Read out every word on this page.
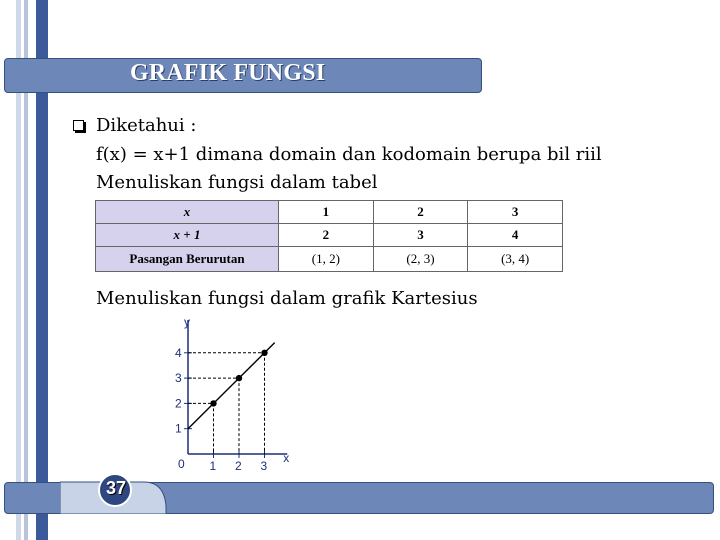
GRAFIK FUNGSI
Diketahui :
f(x) = x+1 dimana domain dan kodomain berupa bil riil
Menuliskan fungsi dalam tabel
x	1	2	3
x + 1	2	3	4
Pasangan Berurutan	(1, 2)	(2, 3)	(3, 4)
Menuliskan fungsi dalam grafik Kartesius
y
x
0
1
2
3
4
1 2 3
37
